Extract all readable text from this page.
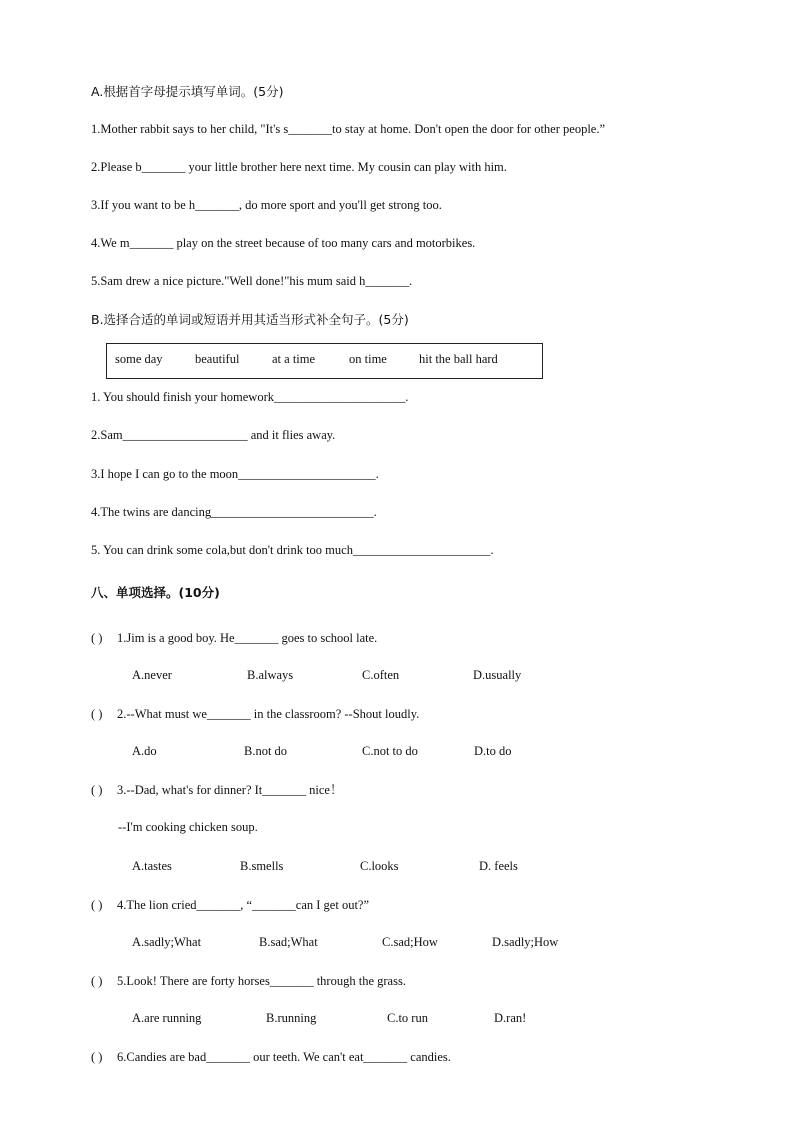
A.根据首字母提示填写单词。(5分)
1.Mother rabbit says to her child, "It's s_______to stay at home. Don't open the door for other people.”
2.Please b_______ your little brother here next time. My cousin can play with him.
3.If you want to be h_______, do more sport and you'll get strong too.
4.We m_______ play on the street because of too many cars and motorbikes.
5.Sam drew a nice picture."Well done!"his mum said h_______.
B.选择合适的单词或短语并用其适当形式补全句子。(5分)
some day	beautiful	at a time	on time	hit the ball hard
1. You should finish your homework_____________________.
2.Sam____________________ and it flies away.
3.I hope I can go to the moon______________________.
4.The twins are dancing__________________________.
5. You can drink some cola,but don't drink too much______________________.
八、单项选择。(10分)
( ) 1.Jim is a good boy. He_______ goes to school late.
A.never	B.always	C.often	D.usually
( ) 2.--What must we_______ in the classroom? --Shout loudly.
A.do	B.not do	C.not to do	D.to do
( ) 3.--Dad, what's for dinner? It_______ nice！
--I'm cooking chicken soup.
A.tastes	B.smells	C.looks	D. feels
( ) 4.The lion cried_______, “_______can I get out?”
A.sadly;What	B.sad;What	C.sad;How	D.sadly;How
( ) 5.Look! There are forty horses_______ through the grass.
A.are running	B.running	C.to run	D.ran!
( ) 6.Candies are bad_______ our teeth. We can't eat_______ candies.
